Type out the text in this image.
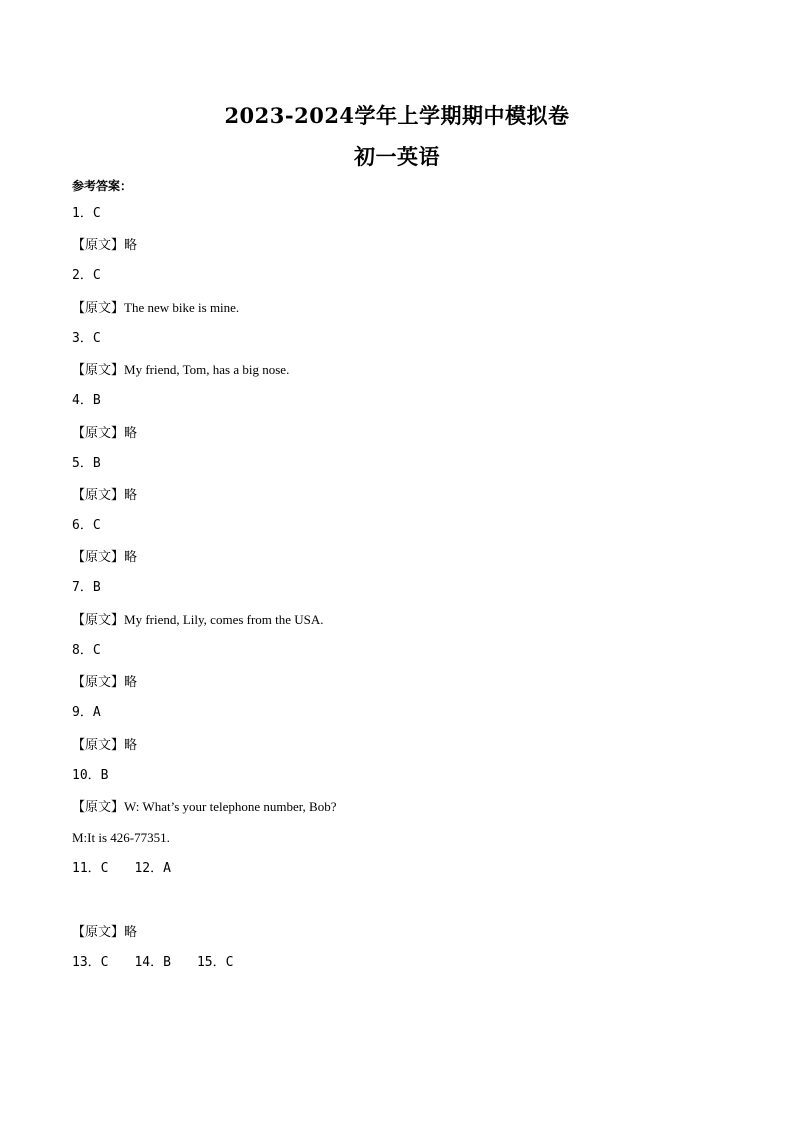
2023-2024学年上学期期中模拟卷
初一英语
参考答案：
1．C
【原文】略
2．C
【原文】The new bike is mine.
3．C
【原文】My friend, Tom, has a big nose.
4．B
【原文】略
5．B
【原文】略
6．C
【原文】略
7．B
【原文】My friend, Lily, comes from the USA.
8．C
【原文】略
9．A
【原文】略
10．B
【原文】W: What’s your telephone number, Bob?
M:It is 426-77351.
11．C 12．A
【原文】略
13．C 14．B 15．C
